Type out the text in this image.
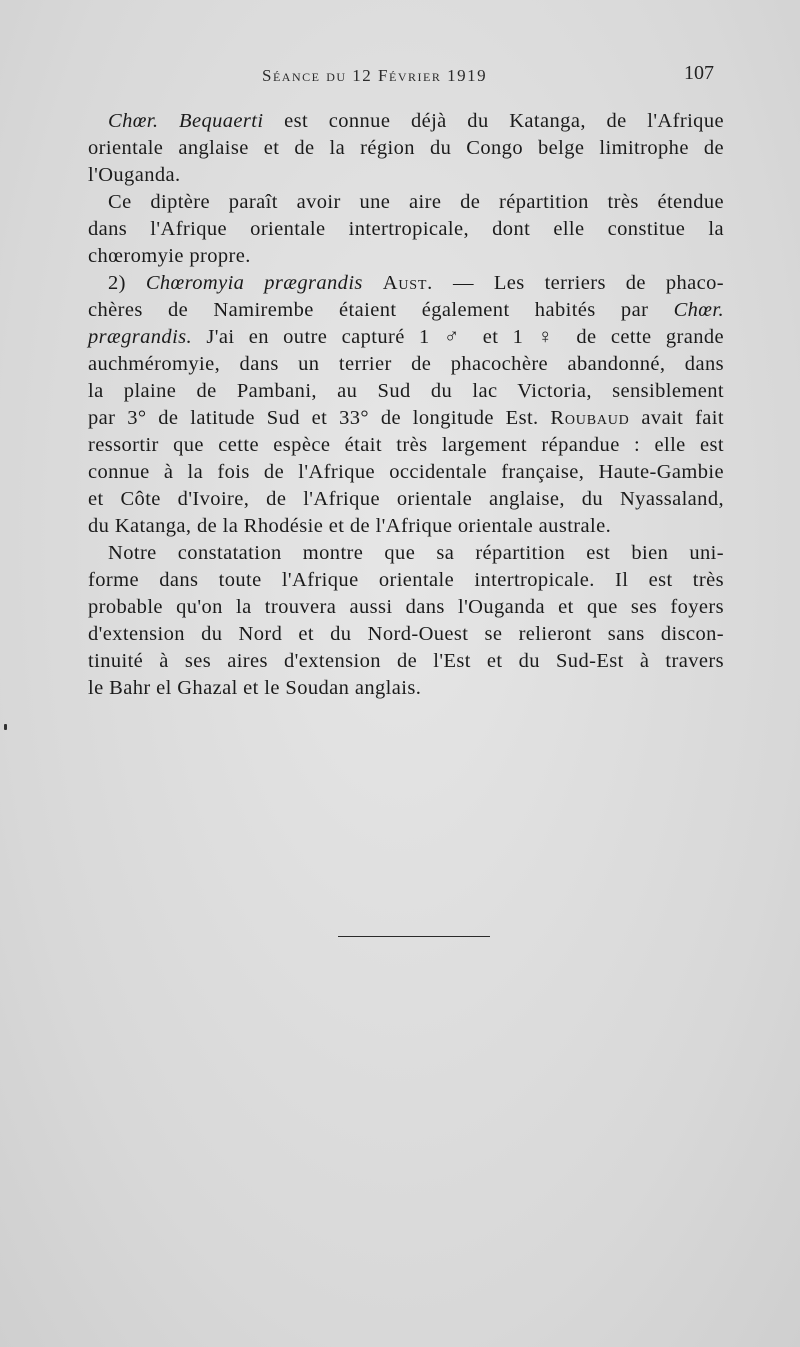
Séance du 12 Février 1919	107

Chœr. Bequaerti est connue déjà du Katanga, de l'Afrique
orientale anglaise et de la région du Congo belge limitrophe de
l'Ouganda.

Ce diptère paraît avoir une aire de répartition très étendue
dans l'Afrique orientale intertropicale, dont elle constitue la
chœromyie propre.

2) Chœromyia prægrandis Aust. — Les terriers de phaco-
chères de Namirembe étaient également habités par Chœr.
prægrandis. J'ai en outre capturé 1 ♂ et 1 ♀ de cette grande
auchméromyie, dans un terrier de phacochère abandonné, dans
la plaine de Pambani, au Sud du lac Victoria, sensiblement
par 3° de latitude Sud et 33° de longitude Est. Roubaud avait fait
ressortir que cette espèce était très largement répandue : elle est
connue à la fois de l'Afrique occidentale française, Haute-Gambie
et Côte d'Ivoire, de l'Afrique orientale anglaise, du Nyassaland,
du Katanga, de la Rhodésie et de l'Afrique orientale australe.

Notre constatation montre que sa répartition est bien uni-
forme dans toute l'Afrique orientale intertropicale. Il est très
probable qu'on la trouvera aussi dans l'Ouganda et que ses foyers
d'extension du Nord et du Nord-Ouest se relieront sans discon-
tinuité à ses aires d'extension de l'Est et du Sud-Est à travers
le Bahr el Ghazal et le Soudan anglais.
